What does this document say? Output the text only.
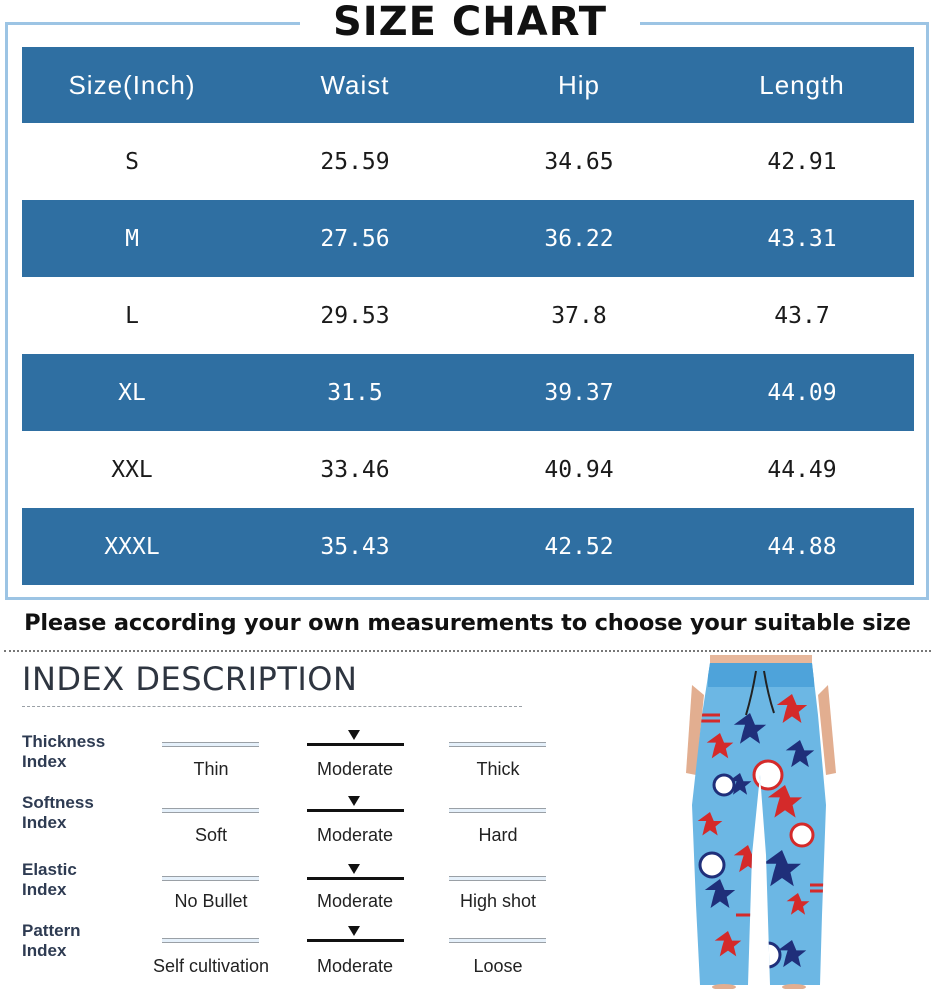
SIZE CHART
Size(Inch)	Waist	Hip	Length
S	25.59	34.65	42.91
M	27.56	36.22	43.31
L	29.53	37.8	43.7
XL	31.5	39.37	44.09
XXL	33.46	40.94	44.49
XXXL	35.43	42.52	44.88
Please according your own measurements to choose your suitable size
INDEX DESCRIPTION
Thickness
Index	Thin	Moderate	Thick
Softness
Index
Soft	Moderate	Hard
Elastic
Index
No Bullet	Moderate	High shot
Pattern
Index
Self cultivation	Moderate	Loose
